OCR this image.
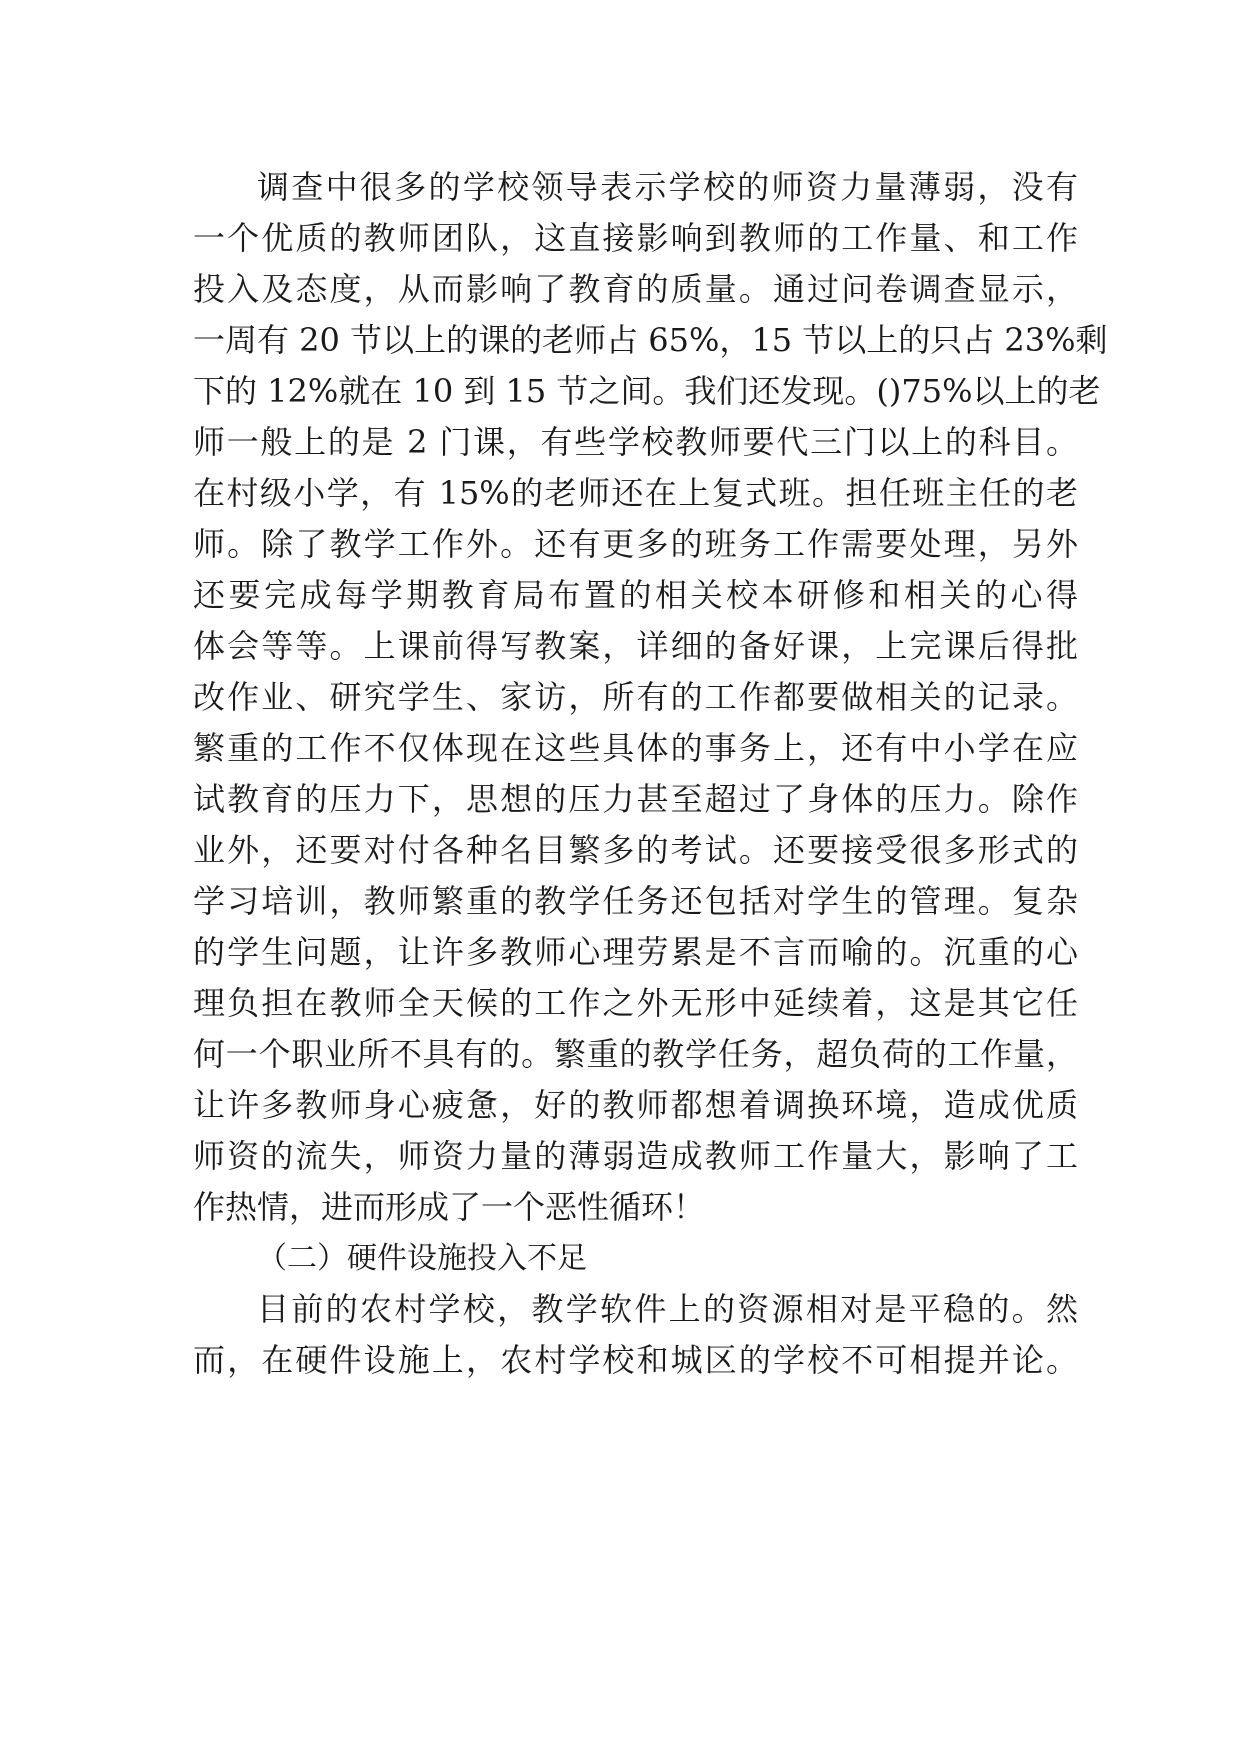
调查中很多的学校领导表示学校的师资力量薄弱，没有
一个优质的教师团队，这直接影响到教师的工作量、和工作
投入及态度，从而影响了教育的质量。通过问卷调查显示，
一周有 20 节以上的课的老师占 65%，15 节以上的只占 23%剩
下的 12%就在 10 到 15 节之间。我们还发现。()75%以上的老
师一般上的是 2 门课，有些学校教师要代三门以上的科目。
在村级小学，有 15%的老师还在上复式班。担任班主任的老
师。除了教学工作外。还有更多的班务工作需要处理，另外
还要完成每学期教育局布置的相关校本研修和相关的心得
体会等等。上课前得写教案，详细的备好课，上完课后得批
改作业、研究学生、家访，所有的工作都要做相关的记录。
繁重的工作不仅体现在这些具体的事务上，还有中小学在应
试教育的压力下，思想的压力甚至超过了身体的压力。除作
业外，还要对付各种名目繁多的考试。还要接受很多形式的
学习培训，教师繁重的教学任务还包括对学生的管理。复杂
的学生问题，让许多教师心理劳累是不言而喻的。沉重的心
理负担在教师全天候的工作之外无形中延续着，这是其它任
何一个职业所不具有的。繁重的教学任务，超负荷的工作量，
让许多教师身心疲惫，好的教师都想着调换环境，造成优质
师资的流失，师资力量的薄弱造成教师工作量大，影响了工
作热情，进而形成了一个恶性循环！
（二）硬件设施投入不足
目前的农村学校，教学软件上的资源相对是平稳的。然
而，在硬件设施上，农村学校和城区的学校不可相提并论。
